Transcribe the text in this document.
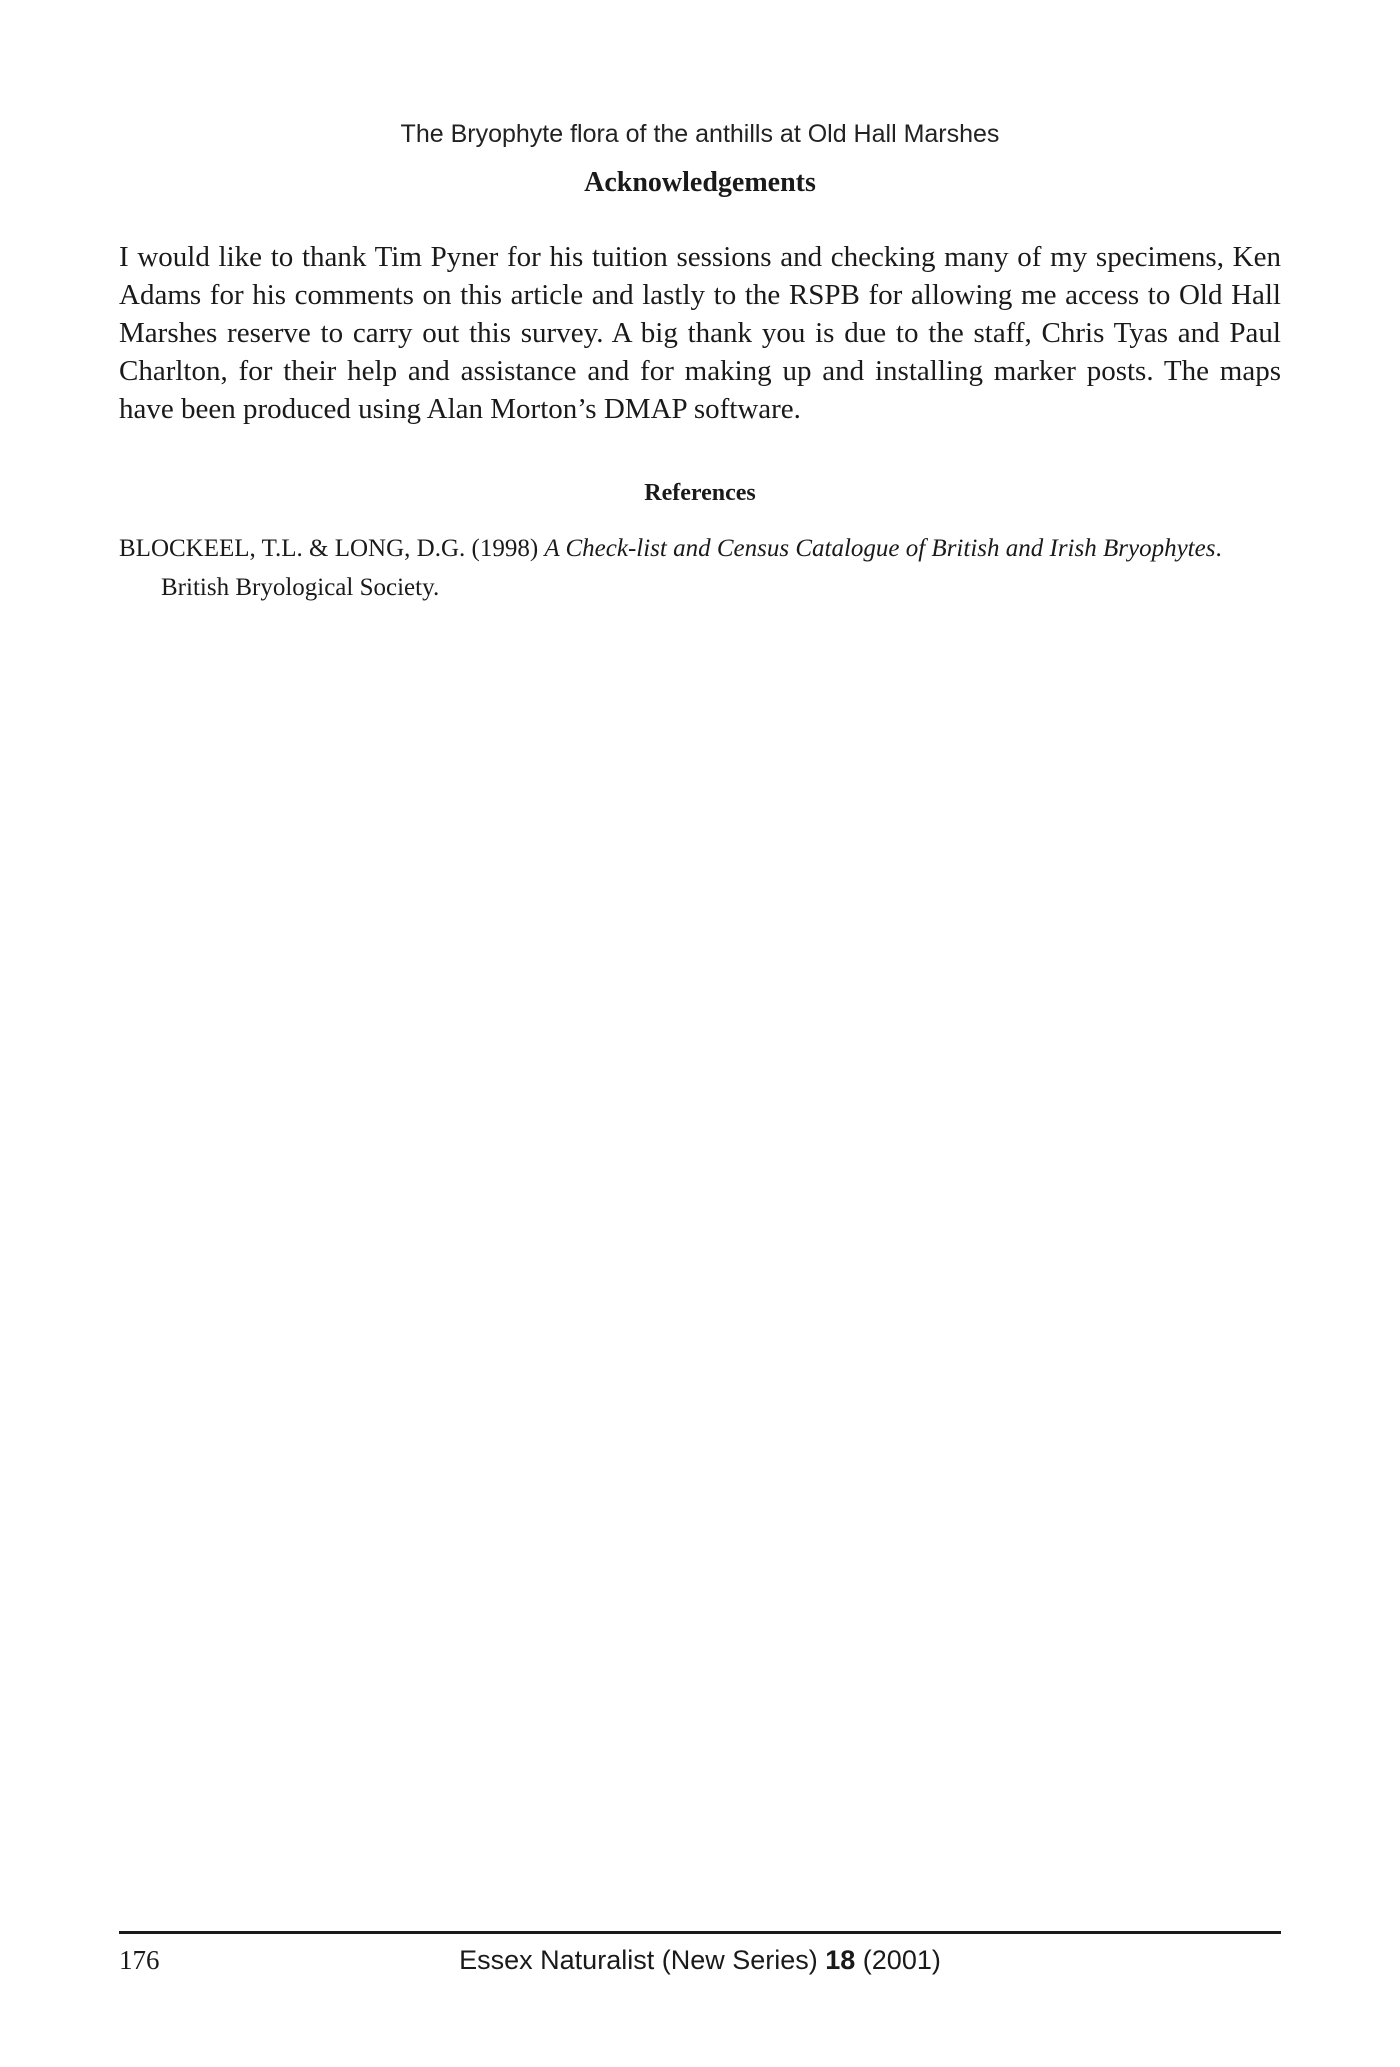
The Bryophyte flora of the anthills at Old Hall Marshes
Acknowledgements

I would like to thank Tim Pyner for his tuition sessions and checking many of my specimens, Ken Adams for his comments on this article and lastly to the RSPB for allowing me access to Old Hall Marshes reserve to carry out this survey. A big thank you is due to the staff, Chris Tyas and Paul Charlton, for their help and assistance and for making up and installing marker posts. The maps have been produced using Alan Morton’s DMAP software.

References

BLOCKEEL, T.L. & LONG, D.G. (1998) A Check-list and Census Catalogue of British and Irish Bryophytes. British Bryological Society.

176	Essex Naturalist (New Series) 18 (2001)
